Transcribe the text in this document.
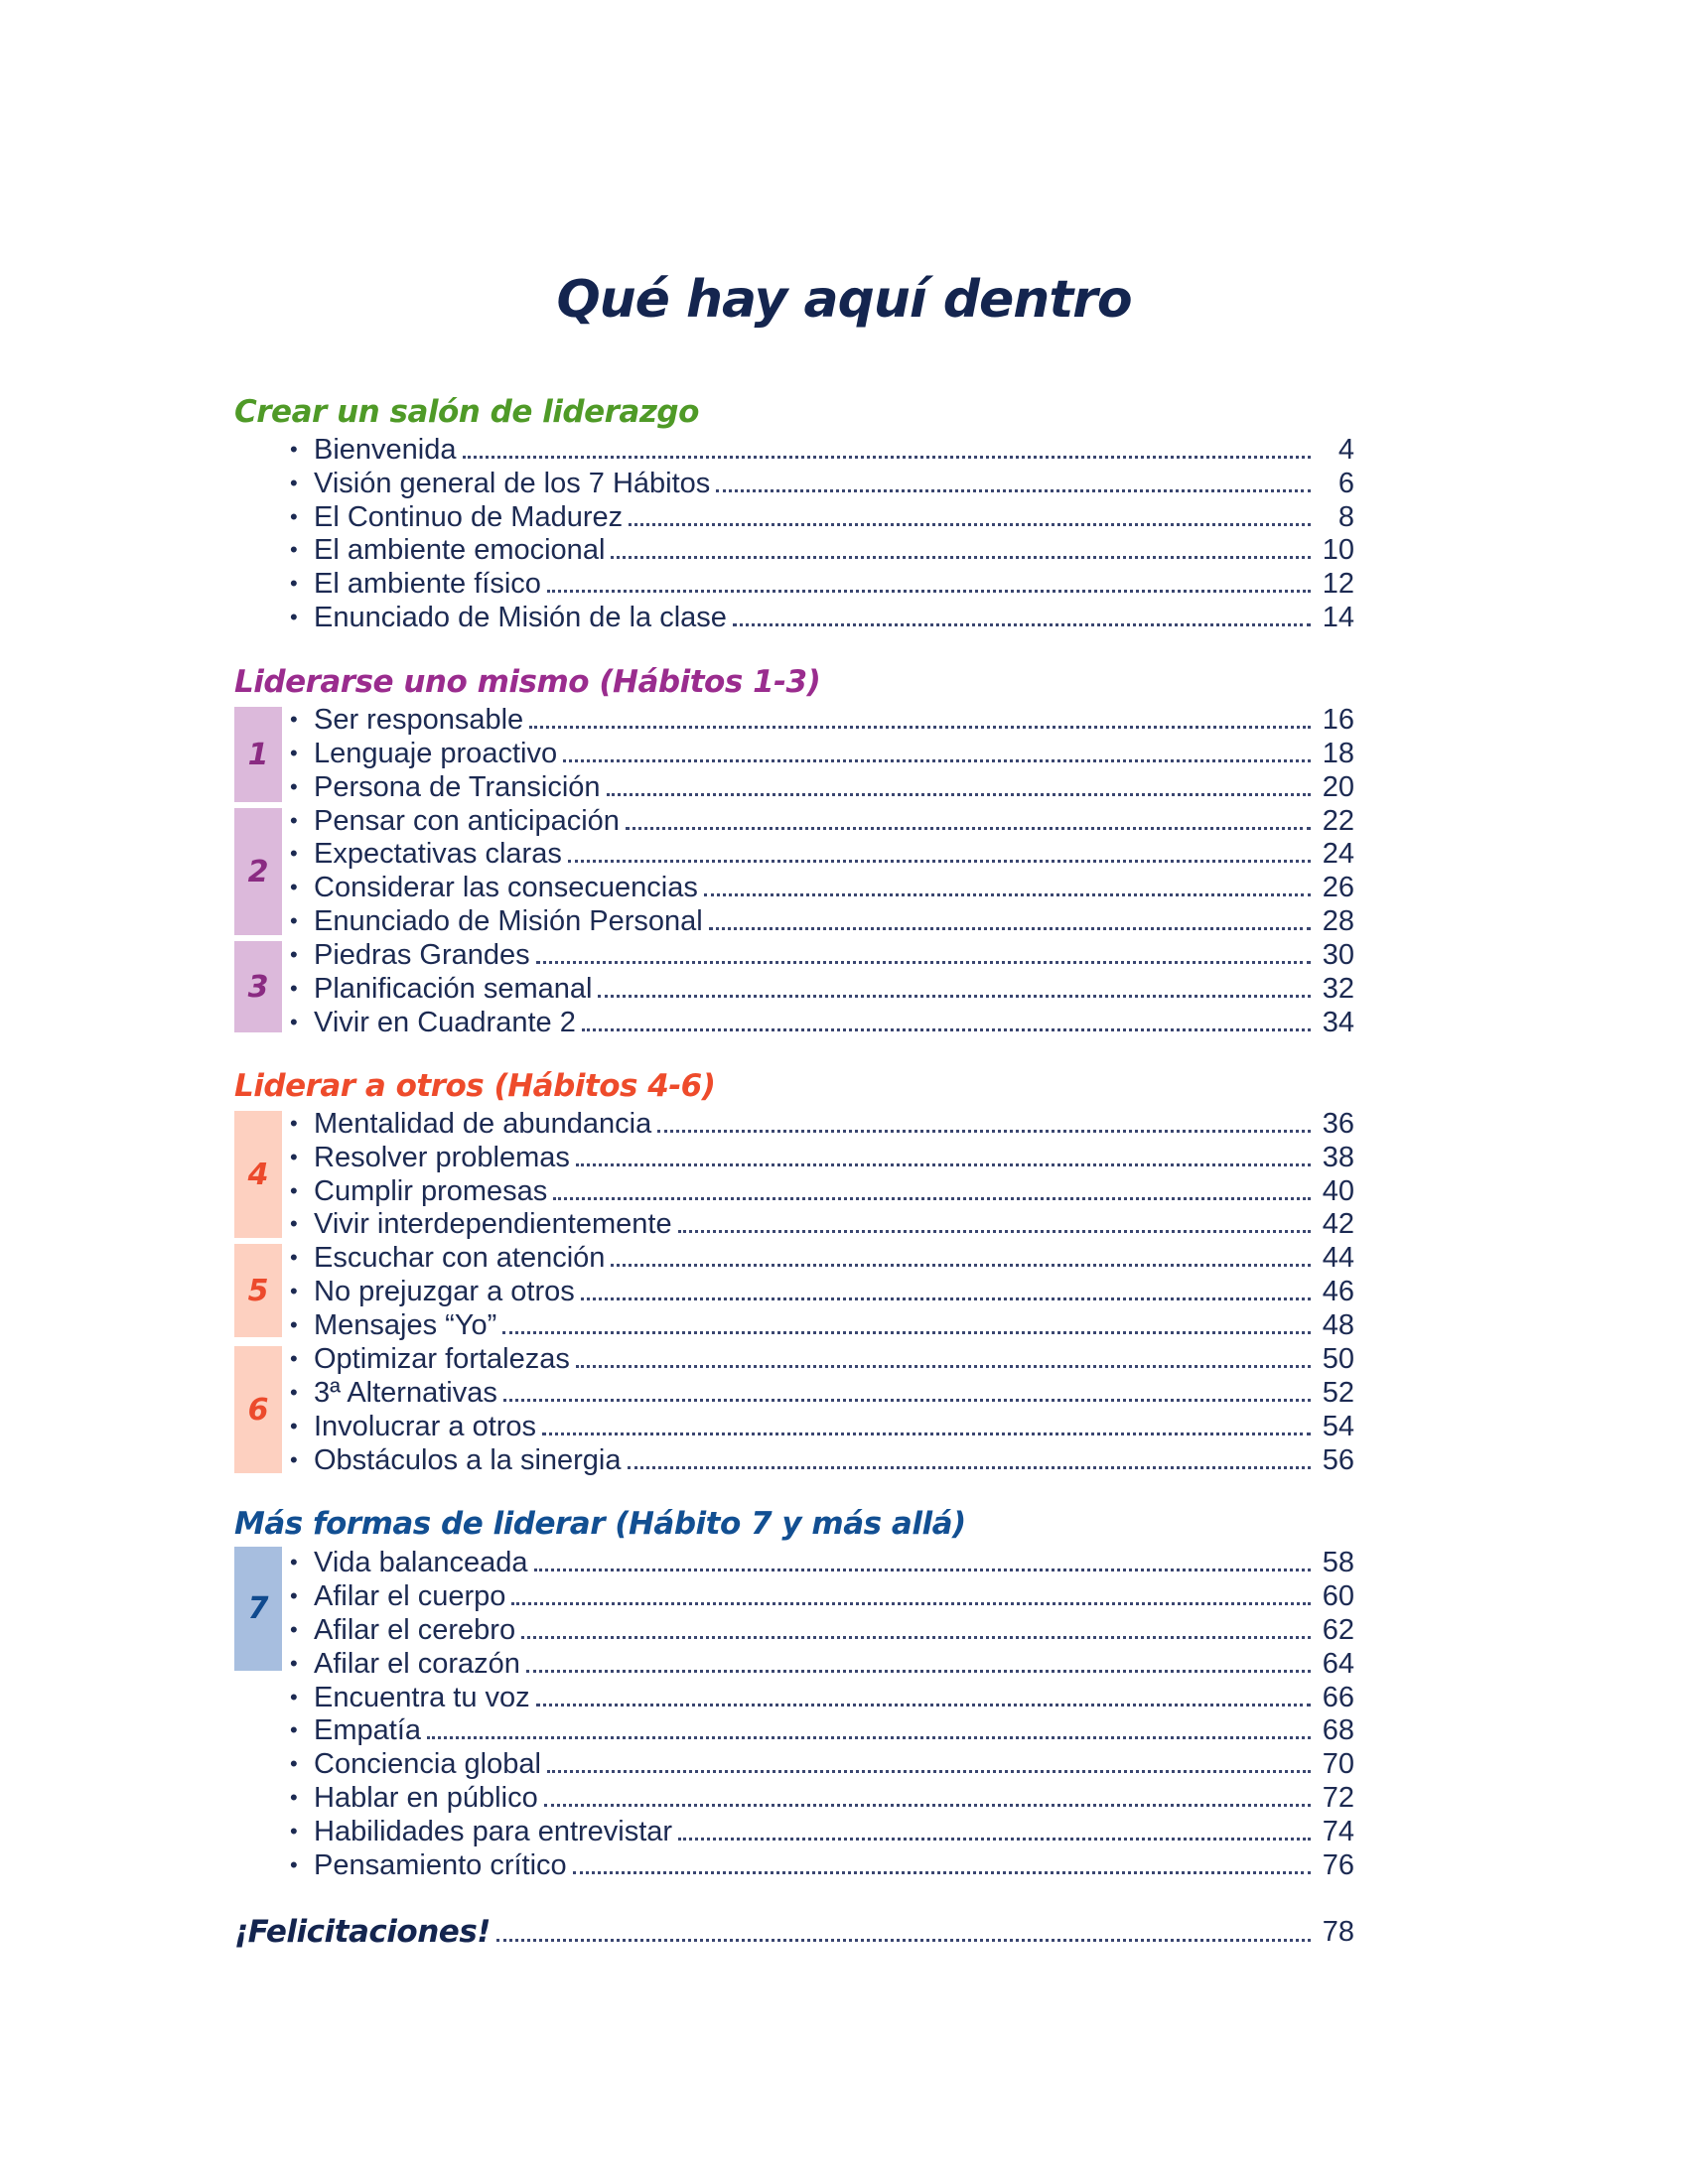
Qué hay aquí dentro
Crear un salón de liderazgo
Liderarse uno mismo (Hábitos 1-3)
Liderar a otros (Hábitos 4-6)
Más formas de liderar (Hábito 7 y más allá)
1
2
3
4
5
6
7
• Bienvenida	4
• Visión general de los 7 Hábitos	6
• El Continuo de Madurez	8
• El ambiente emocional	10
• El ambiente físico	12
• Enunciado de Misión de la clase	14
• Ser responsable	16
• Lenguaje proactivo	18
• Persona de Transición	20
• Pensar con anticipación	22
• Expectativas claras	24
• Considerar las consecuencias	26
• Enunciado de Misión Personal	28
• Piedras Grandes	30
• Planificación semanal	32
• Vivir en Cuadrante 2	34
• Mentalidad de abundancia	36
• Resolver problemas	38
• Cumplir promesas	40
• Vivir interdependientemente	42
• Escuchar con atención	44
• No prejuzgar a otros	46
• Mensajes “Yo”	48
• Optimizar fortalezas	50
• 3ª Alternativas	52
• Involucrar a otros	54
• Obstáculos a la sinergia	56
• Vida balanceada	58
• Afilar el cuerpo	60
• Afilar el cerebro	62
• Afilar el corazón	64
• Encuentra tu voz	66
• Empatía	68
• Conciencia global	70
• Hablar en público	72
• Habilidades para entrevistar	74
• Pensamiento crítico	76
¡Felicitaciones!	78
